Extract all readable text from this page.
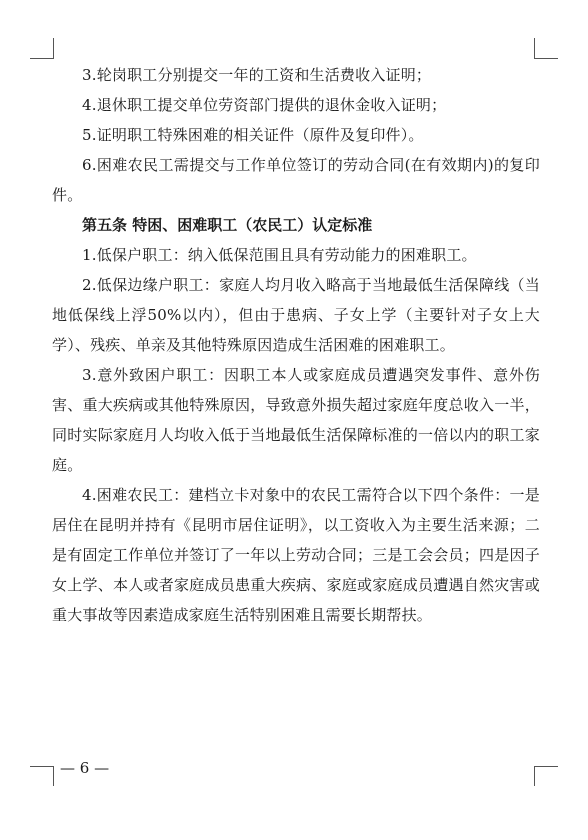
3.轮岗职工分别提交一年的工资和生活费收入证明；

4.退休职工提交单位劳资部门提供的退休金收入证明；

5.证明职工特殊困难的相关证件（原件及复印件）。

6.困难农民工需提交与工作单位签订的劳动合同(在有效期内)的复印件。

第五条 特困、困难职工（农民工）认定标准

1.低保户职工：纳入低保范围且具有劳动能力的困难职工。

2.低保边缘户职工：家庭人均月收入略高于当地最低生活保障线（当地低保线上浮50%以内），但由于患病、子女上学（主要针对子女上大学）、残疾、单亲及其他特殊原因造成生活困难的困难职工。

3.意外致困户职工：因职工本人或家庭成员遭遇突发事件、意外伤害、重大疾病或其他特殊原因，导致意外损失超过家庭年度总收入一半，同时实际家庭月人均收入低于当地最低生活保障标准的一倍以内的职工家庭。

4.困难农民工：建档立卡对象中的农民工需符合以下四个条件：一是居住在昆明并持有《昆明市居住证明》，以工资收入为主要生活来源；二是有固定工作单位并签订了一年以上劳动合同；三是工会会员；四是因子女上学、本人或者家庭成员患重大疾病、家庭或家庭成员遭遇自然灾害或重大事故等因素造成家庭生活特别困难且需要长期帮扶。

— 6 —
